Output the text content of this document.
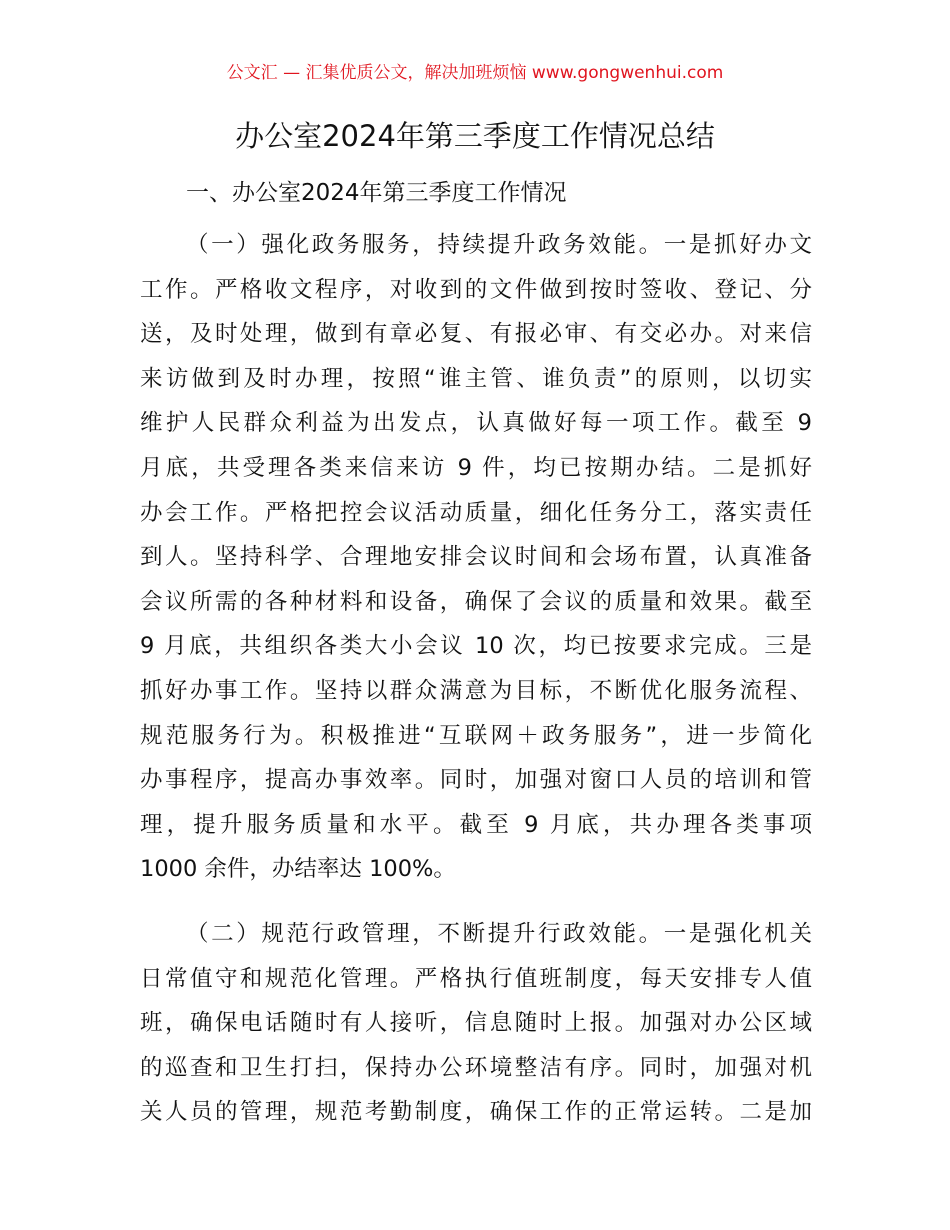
公文汇 — 汇集优质公文，解决加班烦恼 www.gongwenhui.com
办公室2024年第三季度工作情况总结
一、办公室2024年第三季度工作情况
（一）强化政务服务，持续提升政务效能。一是抓好办文
工作。严格收文程序，对收到的文件做到按时签收、登记、分
送，及时处理，做到有章必复、有报必审、有交必办。对来信
来访做到及时办理，按照“谁主管、谁负责”的原则，以切实
维护人民群众利益为出发点，认真做好每一项工作。截至 9
月底，共受理各类来信来访 9 件，均已按期办结。二是抓好
办会工作。严格把控会议活动质量，细化任务分工，落实责任
到人。坚持科学、合理地安排会议时间和会场布置，认真准备
会议所需的各种材料和设备，确保了会议的质量和效果。截至
9 月底，共组织各类大小会议 10 次，均已按要求完成。三是
抓好办事工作。坚持以群众满意为目标，不断优化服务流程、
规范服务行为。积极推进“互联网＋政务服务”，进一步简化
办事程序，提高办事效率。同时，加强对窗口人员的培训和管
理，提升服务质量和水平。截至 9 月底，共办理各类事项
1000 余件，办结率达 100%。
（二）规范行政管理，不断提升行政效能。一是强化机关
日常值守和规范化管理。严格执行值班制度，每天安排专人值
班，确保电话随时有人接听，信息随时上报。加强对办公区域
的巡查和卫生打扫，保持办公环境整洁有序。同时，加强对机
关人员的管理，规范考勤制度，确保工作的正常运转。二是加
